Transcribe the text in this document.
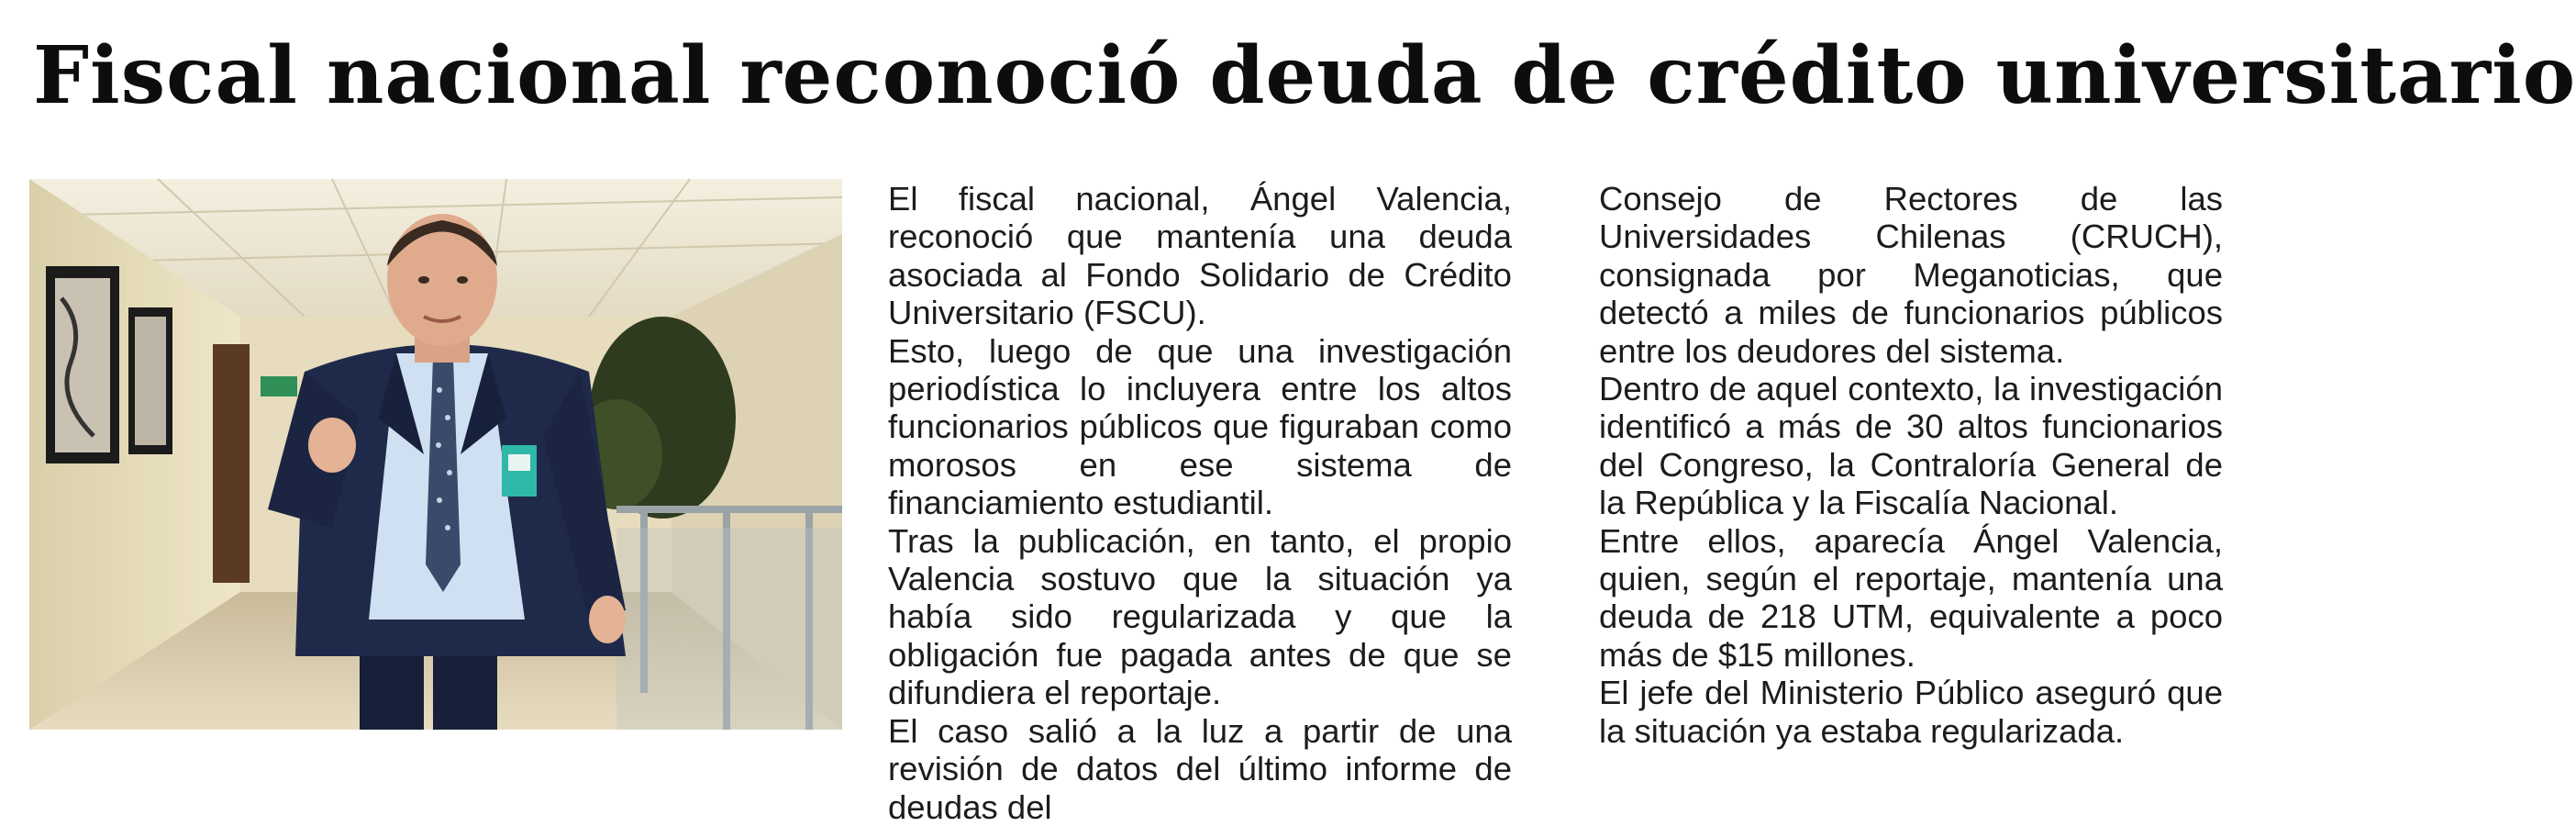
Fiscal nacional reconoció deuda de crédito universitario

El fiscal nacional, Ángel Valencia, reconoció que mantenía una deuda asociada al Fondo Solidario de Crédito Universitario (FSCU).

Esto, luego de que una investigación periodística lo incluyera entre los altos funcionarios públicos que figuraban como morosos en ese sistema de financiamiento estudiantil.

Tras la publicación, en tanto, el propio Valencia sostuvo que la situación ya había sido regularizada y que la obligación fue pagada antes de que se difundiera el reportaje.

El caso salió a la luz a partir de una revisión de datos del último informe de deudas del

Consejo de Rectores de las Universidades Chilenas (CRUCH), consignada por Meganoticias, que detectó a miles de funcionarios públicos entre los deudores del sistema.

Dentro de aquel contexto, la investigación identificó a más de 30 altos funcionarios del Congreso, la Contraloría General de la República y la Fiscalía Nacional.

Entre ellos, aparecía Ángel Valencia, quien, según el reportaje, mantenía una deuda de 218 UTM, equivalente a poco más de $15 millones.

El jefe del Ministerio Público aseguró que la situación ya estaba regularizada.
